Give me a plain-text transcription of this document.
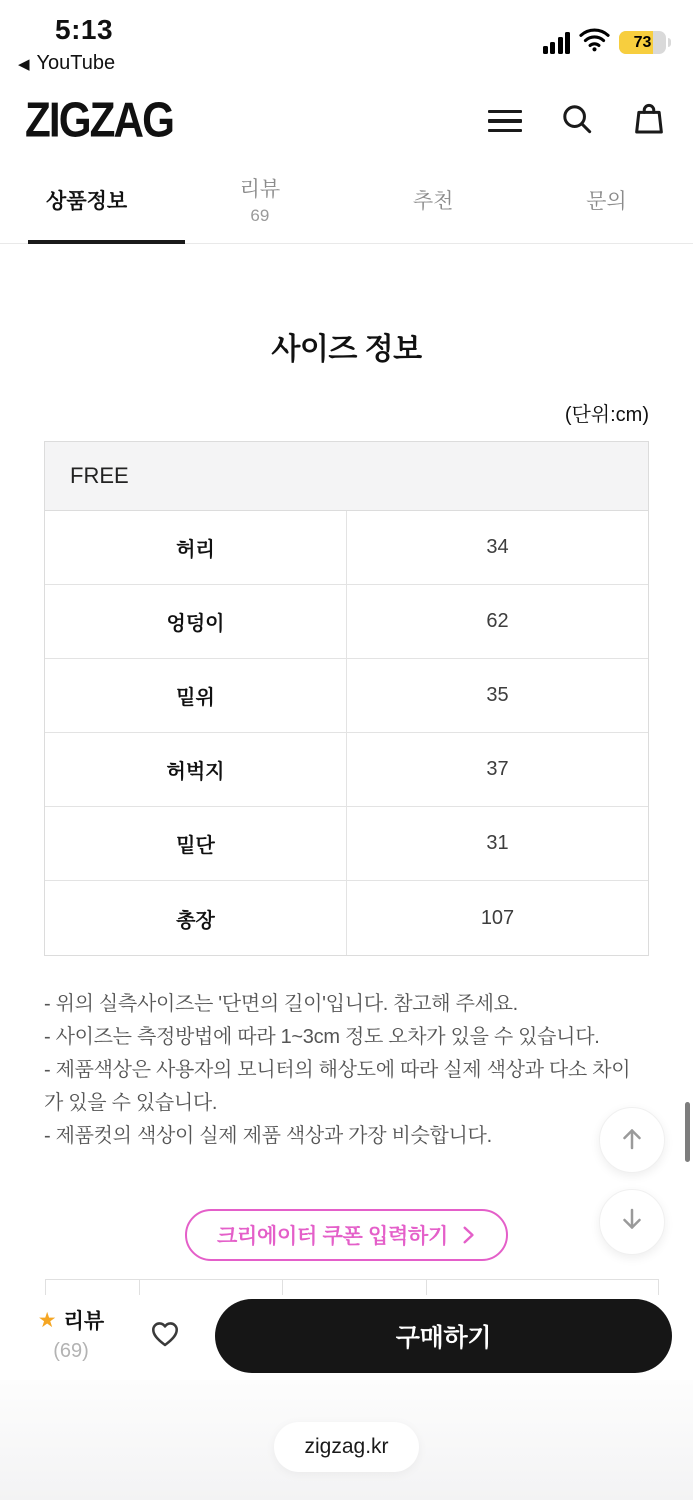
5:13
◀ YouTube
73
ZIGZAG
상품정보
리뷰
69
추천	문의
사이즈 정보
(단위:cm)
FREE
허리	34
엉덩이	62
밑위	35
허벅지	37
밑단	31
총장	107
- 위의 실측사이즈는 '단면의 길이'입니다. 참고해 주세요.
- 사이즈는 측정방법에 따라 1~3cm 정도 오차가 있을 수 있습니다.
- 제품색상은 사용자의 모니터의 해상도에 따라 실제 색상과 다소 차이가 있을 수 있습니다.
- 제품컷의 색상이 실제 제품 색상과 가장 비슷합니다.
크리에이터 쿠폰 입력하기
★ 리뷰
(69)	구매하기
zigzag.kr
